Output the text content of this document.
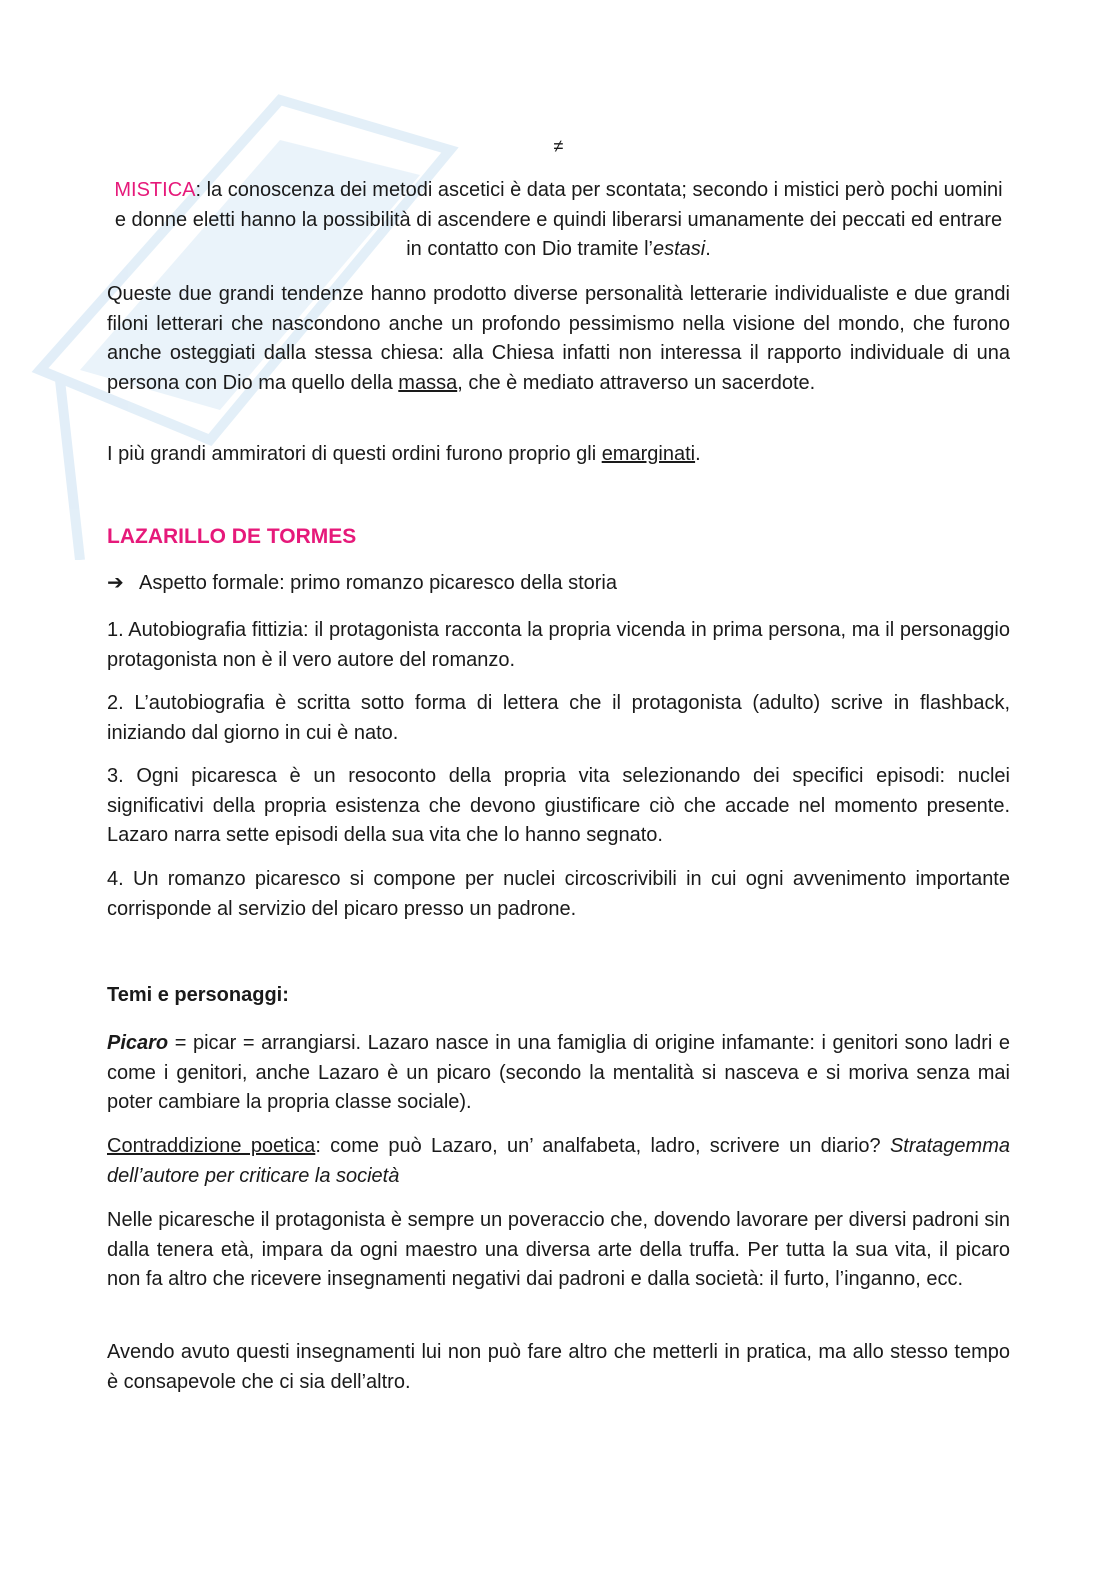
≠

MISTICA: la conoscenza dei metodi ascetici è data per scontata; secondo i mistici però pochi uomini e donne eletti hanno la possibilità di ascendere e quindi liberarsi umanamente dei peccati ed entrare in contatto con Dio tramite l’estasi.

Queste due grandi tendenze hanno prodotto diverse personalità letterarie individualiste e due grandi filoni letterari che nascondono anche un profondo pessimismo nella visione del mondo, che furono anche osteggiati dalla stessa chiesa: alla Chiesa infatti non interessa il rapporto individuale di una persona con Dio ma quello della massa, che è mediato attraverso un sacerdote.

I più grandi ammiratori di questi ordini furono proprio gli emarginati.

LAZARILLO DE TORMES
➔ Aspetto formale: primo romanzo picaresco della storia

1. Autobiografia fittizia: il protagonista racconta la propria vicenda in prima persona, ma il personaggio protagonista non è il vero autore del romanzo.

2. L’autobiografia è scritta sotto forma di lettera che il protagonista (adulto) scrive in flashback, iniziando dal giorno in cui è nato.

3. Ogni picaresca è un resoconto della propria vita selezionando dei specifici episodi: nuclei significativi della propria esistenza che devono giustificare ciò che accade nel momento presente. Lazaro narra sette episodi della sua vita che lo hanno segnato.

4. Un romanzo picaresco si compone per nuclei circoscrivibili in cui ogni avvenimento importante corrisponde al servizio del picaro presso un padrone.

Temi e personaggi:

Picaro = picar = arrangiarsi. Lazaro nasce in una famiglia di origine infamante: i genitori sono ladri e come i genitori, anche Lazaro è un picaro (secondo la mentalità si nasceva e si moriva senza mai poter cambiare la propria classe sociale).

Contraddizione poetica: come può Lazaro, un’ analfabeta, ladro, scrivere un diario? Stratagemma dell’autore per criticare la società

Nelle picaresche il protagonista è sempre un poveraccio che, dovendo lavorare per diversi padroni sin dalla tenera età, impara da ogni maestro una diversa arte della truffa. Per tutta la sua vita, il picaro non fa altro che ricevere insegnamenti negativi dai padroni e dalla società: il furto, l’inganno, ecc.

Avendo avuto questi insegnamenti lui non può fare altro che metterli in pratica, ma allo stesso tempo è consapevole che ci sia dell’altro.
